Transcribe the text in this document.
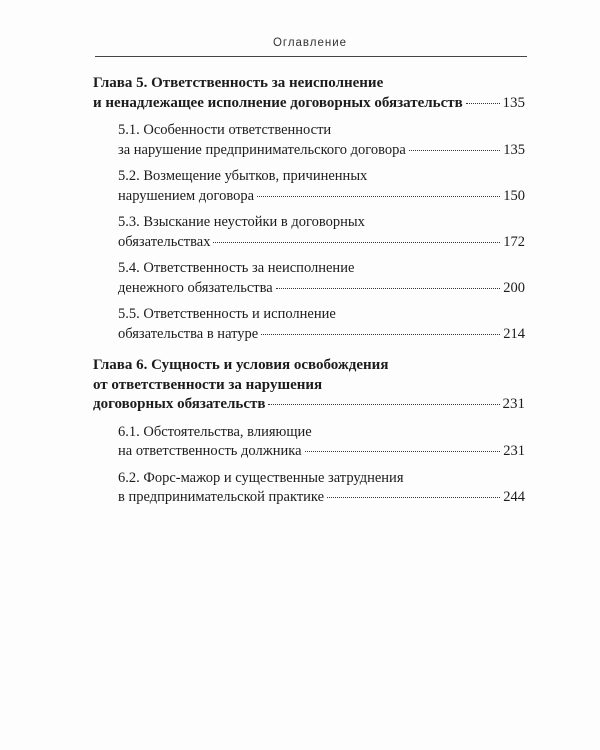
Оглавление
Глава 5. Ответственность за неисполнение
и ненадлежащее исполнение договорных обязательств	135
5.1. Особенности ответственности
за нарушение предпринимательского договора	135
5.2. Возмещение убытков, причиненных
нарушением договора	150
5.3. Взыскание неустойки в договорных
обязательствах	172
5.4. Ответственность за неисполнение
денежного обязательства	200
5.5. Ответственность и исполнение
обязательства в натуре	214
Глава 6. Сущность и условия освобождения
от ответственности за нарушения
договорных обязательств	231
6.1. Обстоятельства, влияющие
на ответственность должника	231
6.2. Форс-мажор и существенные затруднения
в предпринимательской практике	244
